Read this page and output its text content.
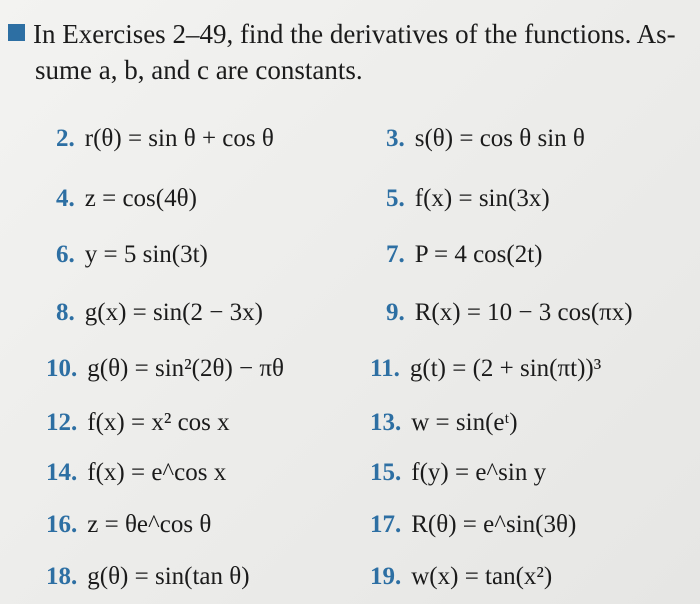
In Exercises 2–49, find the derivatives of the functions. As-
sume a, b, and c are constants.
2. r(θ) = sin θ + cos θ	3. s(θ) = cos θ sin θ
4. z = cos(4θ)	5. f(x) = sin(3x)
6. y = 5 sin(3t)	7. P = 4 cos(2t)
8. g(x) = sin(2 − 3x)	9. R(x) = 10 − 3 cos(πx)
10. g(θ) = sin²(2θ) − πθ	11. g(t) = (2 + sin(πt))³
12. f(x) = x² cos x	13. w = sin(eᵗ)
14. f(x) = e^cos x	15. f(y) = e^sin y
16. z = θe^cos θ	17. R(θ) = e^sin(3θ)
18. g(θ) = sin(tan θ)	19. w(x) = tan(x²)
